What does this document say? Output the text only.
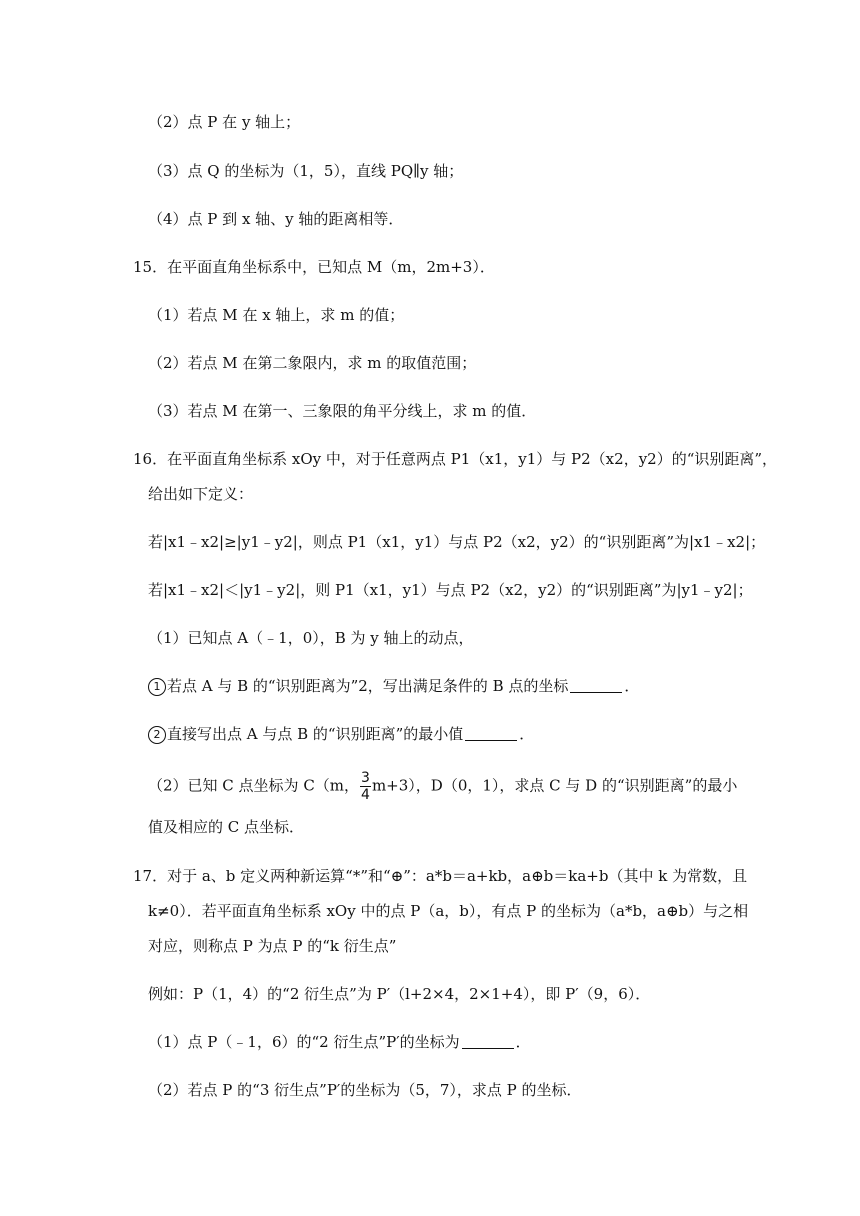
（2）点 P 在 y 轴上；
（3）点 Q 的坐标为（1，5），直线 PQ∥y 轴；
（4）点 P 到 x 轴、y 轴的距离相等．
15．在平面直角坐标系中，已知点 M（m，2m+3）．
（1）若点 M 在 x 轴上，求 m 的值；
（2）若点 M 在第二象限内，求 m 的取值范围；
（3）若点 M 在第一、三象限的角平分线上，求 m 的值．
16．在平面直角坐标系 xOy 中，对于任意两点 P1（x1，y1）与 P2（x2，y2）的“识别距离”，
给出如下定义：
若|x1﹣x2|≥|y1﹣y2|，则点 P1（x1，y1）与点 P2（x2，y2）的“识别距离”为|x1﹣x2|；
若|x1﹣x2|＜|y1﹣y2|，则 P1（x1，y1）与点 P2（x2，y2）的“识别距离”为|y1﹣y2|；
（1）已知点 A（﹣1，0），B 为 y 轴上的动点，
1 若点 A 与 B 的“识别距离为”2，写出满足条件的 B 点的坐标	．
2 直接写出点 A 与点 B 的“识别距离”的最小值	．
（2）已知 C 点坐标为 C（m， $\frac{3}{4} m+3$），D（0，1），求点 C 与 D 的“识别距离”的最小
值及相应的 C 点坐标．
17．对于 a、b 定义两种新运算“*”和“⊕”：a*b＝a+kb，a⊕b＝ka+b（其中 k 为常数，且
k≠0）．若平面直角坐标系 xOy 中的点 P（a，b），有点 P 的坐标为（a*b，a⊕b）与之相
对应，则称点 P 为点 P 的“k 衍生点”
例如：P（1，4）的“2 衍生点”为 P′（l+2×4，2×1+4），即 P′（9，6）．
（1）点 P（﹣1，6）的“2 衍生点”P′的坐标为	．
（2）若点 P 的“3 衍生点”P′的坐标为（5，7），求点 P 的坐标．
